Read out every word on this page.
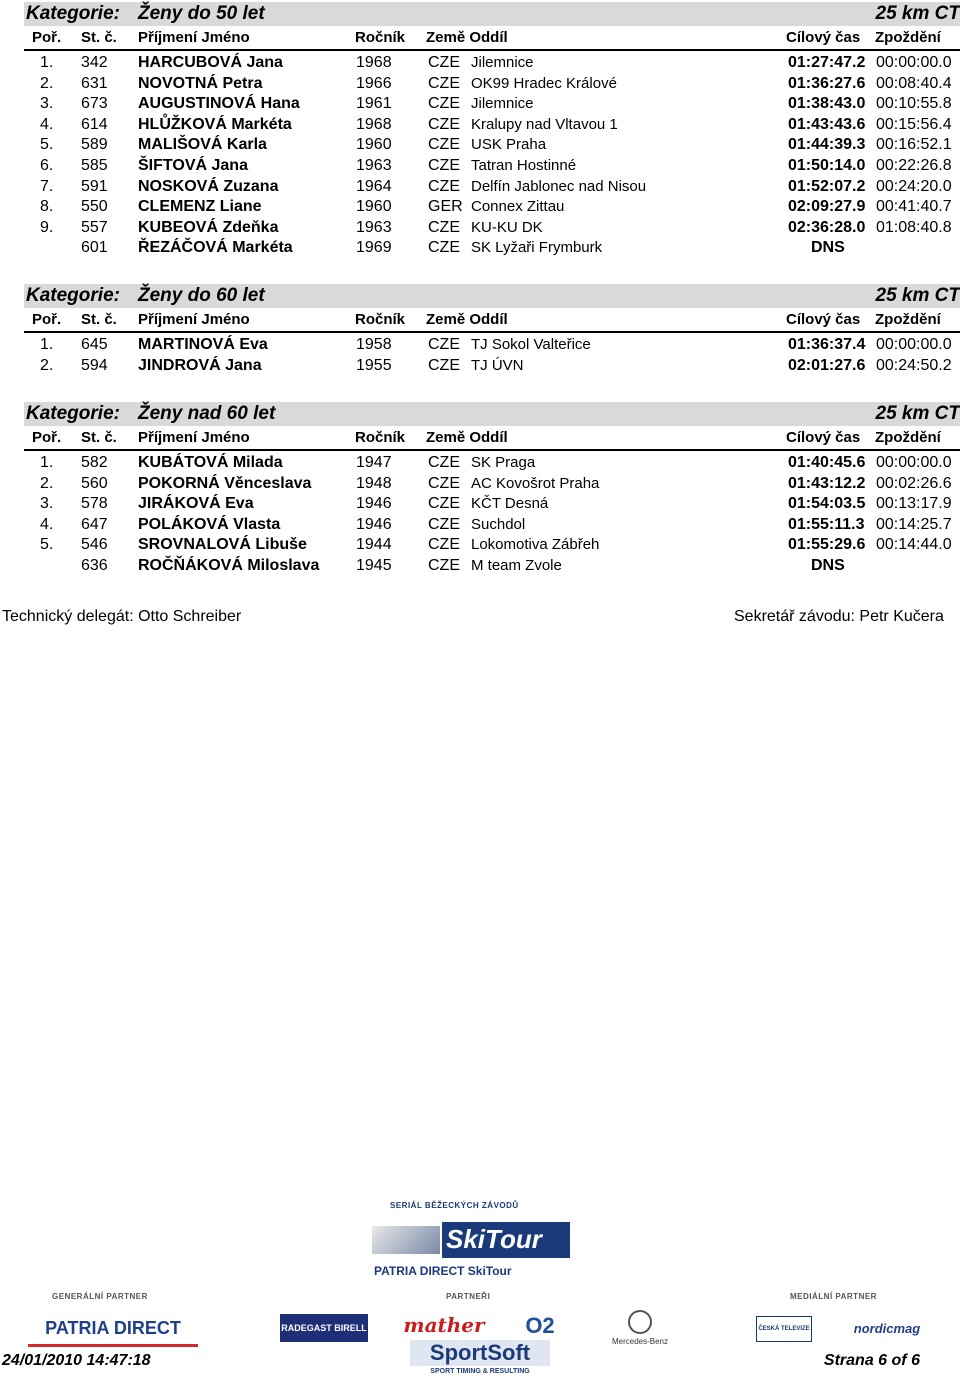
Kategorie: Ženy do 50 let	25 km CT
Poř. St. č. Příjmení Jméno	Ročník Země Oddíl	Cílový čas Zpoždění
1. 342 HARCUBOVÁ Jana	1968 CZE Jilemnice	01:27:47.2 00:00:00.0
2. 631 NOVOTNÁ Petra	1966 CZE OK99 Hradec Králové	01:36:27.6 00:08:40.4
3. 673 AUGUSTINOVÁ Hana	1961 CZE Jilemnice	01:38:43.0 00:10:55.8
4. 614 HLŮŽKOVÁ Markéta	1968 CZE Kralupy nad Vltavou 1	01:43:43.6 00:15:56.4
5. 589 MALIŠOVÁ Karla	1960 CZE USK Praha	01:44:39.3 00:16:52.1
6. 585 ŠIFTOVÁ Jana	1963 CZE Tatran Hostinné	01:50:14.0 00:22:26.8
7. 591 NOSKOVÁ Zuzana	1964 CZE Delfín Jablonec nad Nisou	01:52:07.2 00:24:20.0
8. 550 CLEMENZ Liane	1960 GER Connex Zittau	02:09:27.9 00:41:40.7
9. 557 KUBEOVÁ Zdeňka	1963 CZE KU-KU DK	02:36:28.0 01:08:40.8
601 ŘEZÁČOVÁ Markéta	1969 CZE SK Lyžaři Frymburk	DNS
Kategorie: Ženy do 60 let	25 km CT
Poř. St. č. Příjmení Jméno	Ročník Země Oddíl	Cílový čas Zpoždění
1. 645 MARTINOVÁ Eva	1958 CZE TJ Sokol Valteřice	01:36:37.4 00:00:00.0
2. 594 JINDROVÁ Jana	1955 CZE TJ ÚVN	02:01:27.6 00:24:50.2
Kategorie: Ženy nad 60 let	25 km CT
Poř. St. č. Příjmení Jméno	Ročník Země Oddíl	Cílový čas Zpoždění
1. 582 KUBÁTOVÁ Milada	1947 CZE SK Praga	01:40:45.6 00:00:00.0
2. 560 POKORNÁ Věnceslava	1948 CZE AC Kovošrot Praha	01:43:12.2 00:02:26.6
3. 578 JIRÁKOVÁ Eva	1946 CZE KČT Desná	01:54:03.5 00:13:17.9
4. 647 POLÁKOVÁ Vlasta	1946 CZE Suchdol	01:55:11.3 00:14:25.7
5. 546 SROVNALOVÁ Libuše	1944 CZE Lokomotiva Zábřeh	01:55:29.6 00:14:44.0
636 ROČŇÁKOVÁ Miloslava 1945 CZE M team Zvole	DNS
Technický delegát: Otto Schreiber	Sekretář závodu: Petr Kučera
SERIÁL BĚŽECKÝCH ZÁVODŮ
SkiTour
PATRIA DIRECT SkiTour
GENERÁLNÍ PARTNER	PARTNEŘI	MEDIÁLNÍ PARTNER
PATRIA DIRECT	RADEGAST BIRELL mather	O2
Mercedes-Benz
ČESKÁ TELEVIZE	nordicmag
SportSoft
SPORT TIMING & RESULTING
24/01/2010 14:47:18	Strana 6 of 6
